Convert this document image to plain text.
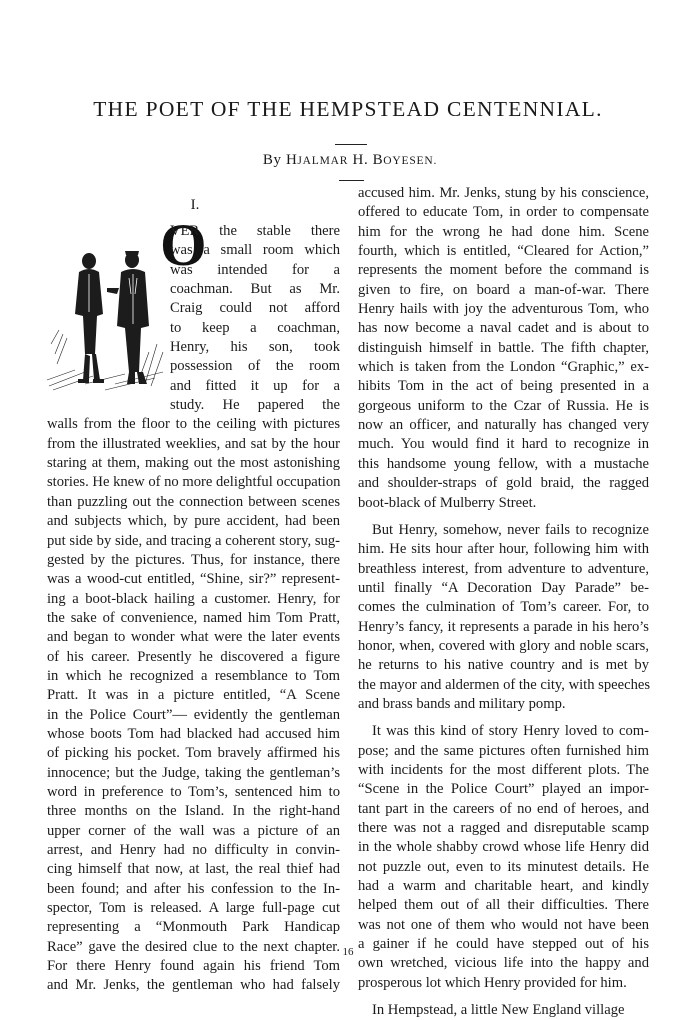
THE POET OF THE HEMPSTEAD CENTENNIAL.
By HJALMAR H. BOYESEN.
I.
O
VER the stable there
was a small room which
was intended for a
coachman. But as Mr.
Craig could not afford
to keep a coachman,
Henry, his son, took
possession of the room
and fitted it up for a
study. He papered the
walls from the floor to the ceiling with pictures
from the illustrated weeklies, and sat by the hour
staring at them, making out the most astonishing
stories. He knew of no more delightful occupation
than puzzling out the connection between scenes
and subjects which, by pure accident, had been
put side by side, and tracing a coherent story, sug-
gested by the pictures. Thus, for instance, there
was a wood-cut entitled, “Shine, sir?” represent-
ing a boot-black hailing a customer. Henry, for
the sake of convenience, named him Tom Pratt,
and began to wonder what were the later events
of his career. Presently he discovered a figure
in which he recognized a resemblance to Tom
Pratt. It was in a picture entitled, “A Scene
in the Police Court”— evidently the gentleman
whose boots Tom had blacked had accused him
of picking his pocket. Tom bravely affirmed his
innocence; but the Judge, taking the gentleman’s
word in preference to Tom’s, sentenced him to
three months on the Island. In the right-hand
upper corner of the wall was a picture of an
arrest, and Henry had no difficulty in convin-
cing himself that now, at last, the real thief had
been found; and after his confession to the In-
spector, Tom is released. A large full-page cut
representing a “Monmouth Park Handicap
Race” gave the desired clue to the next chapter.
For there Henry found again his friend Tom
and Mr. Jenks, the gentleman who had falsely
accused him. Mr. Jenks, stung by his conscience,
offered to educate Tom, in order to compensate
him for the wrong he had done him. Scene
fourth, which is entitled, “Cleared for Action,”
represents the moment before the command is
given to fire, on board a man-of-war. There
Henry hails with joy the adventurous Tom, who
has now become a naval cadet and is about to
distinguish himself in battle. The fifth chapter,
which is taken from the London “Graphic,” ex-
hibits Tom in the act of being presented in a
gorgeous uniform to the Czar of Russia. He is
now an officer, and naturally has changed very
much. You would find it hard to recognize in
this handsome young fellow, with a mustache
and shoulder-straps of gold braid, the ragged
boot-black of Mulberry Street.
But Henry, somehow, never fails to recognize
him. He sits hour after hour, following him with
breathless interest, from adventure to adventure,
until finally “A Decoration Day Parade” be-
comes the culmination of Tom’s career. For, to
Henry’s fancy, it represents a parade in his hero’s
honor, when, covered with glory and noble scars,
he returns to his native country and is met by
the mayor and aldermen of the city, with speeches
and brass bands and military pomp.
It was this kind of story Henry loved to com-
pose; and the same pictures often furnished him
with incidents for the most different plots. The
“Scene in the Police Court” played an impor-
tant part in the careers of no end of heroes, and
there was not a ragged and disreputable scamp
in the whole shabby crowd whose life Henry did
not puzzle out, even to its minutest details. He
had a warm and charitable heart, and kindly
helped them out of all their difficulties. There
was not one of them who would not have been
a gainer if he could have stepped out of his
own wretched, vicious life into the happy and
prosperous lot which Henry provided for him.
In Hempstead, a little New England village
16
